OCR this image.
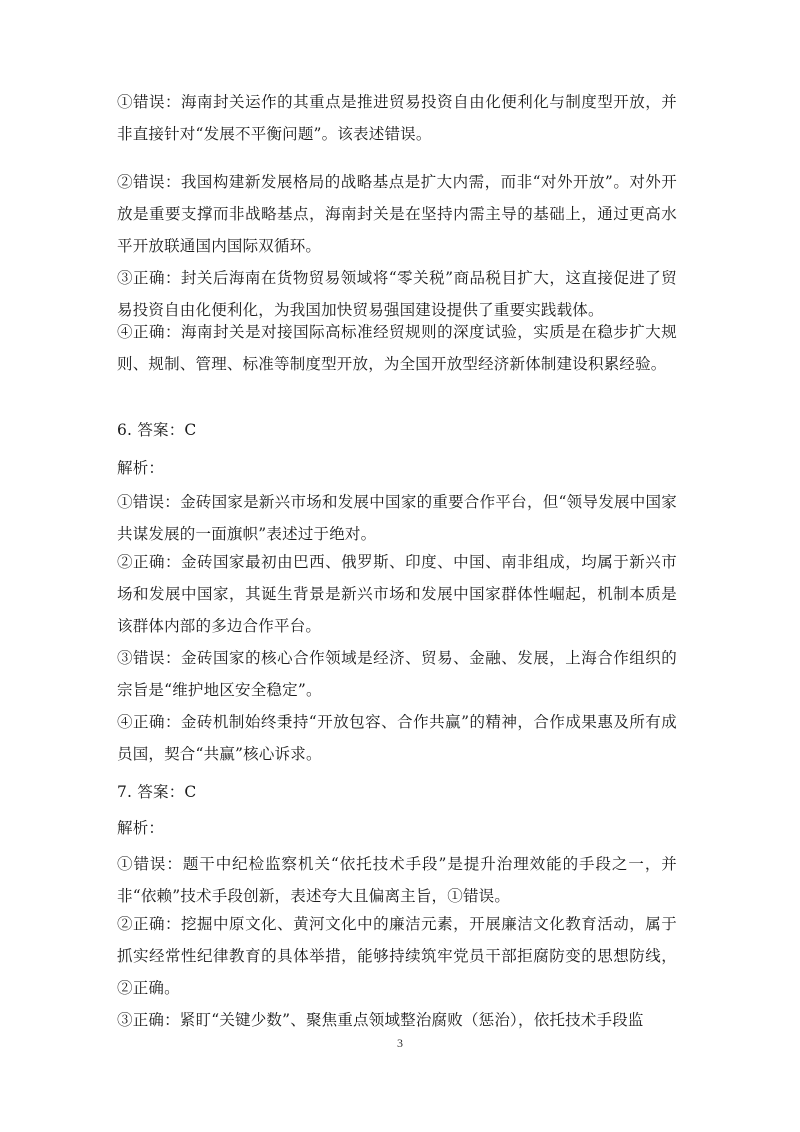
①错误：海南封关运作的其重点是推进贸易投资自由化便利化与制度型开放，并非直接针对“发展不平衡问题”。该表述错误。

②错误：我国构建新发展格局的战略基点是扩大内需，而非“对外开放”。对外开放是重要支撑而非战略基点，海南封关是在坚持内需主导的基础上，通过更高水平开放联通国内国际双循环。

③正确：封关后海南在货物贸易领域将“零关税”商品税目扩大，这直接促进了贸易投资自由化便利化，为我国加快贸易强国建设提供了重要实践载体。

④正确：海南封关是对接国际高标准经贸规则的深度试验，实质是在稳步扩大规则、规制、管理、标准等制度型开放，为全国开放型经济新体制建设积累经验。

6. 答案：C

解析：

①错误：金砖国家是新兴市场和发展中国家的重要合作平台，但“领导发展中国家共谋发展的一面旗帜”表述过于绝对。

②正确：金砖国家最初由巴西、俄罗斯、印度、中国、南非组成，均属于新兴市场和发展中国家，其诞生背景是新兴市场和发展中国家群体性崛起，机制本质是该群体内部的多边合作平台。

③错误：金砖国家的核心合作领域是经济、贸易、金融、发展，上海合作组织的宗旨是“维护地区安全稳定”。

④正确：金砖机制始终秉持“开放包容、合作共赢”的精神，合作成果惠及所有成员国，契合“共赢”核心诉求。

7. 答案：C

解析：

①错误：题干中纪检监察机关“依托技术手段”是提升治理效能的手段之一，并非“依赖”技术手段创新，表述夸大且偏离主旨，①错误。

②正确：挖掘中原文化、黄河文化中的廉洁元素，开展廉洁文化教育活动，属于抓实经常性纪律教育的具体举措，能够持续筑牢党员干部拒腐防变的思想防线，②正确。

③正确：紧盯“关键少数”、聚焦重点领域整治腐败（惩治），依托技术手段监

3
